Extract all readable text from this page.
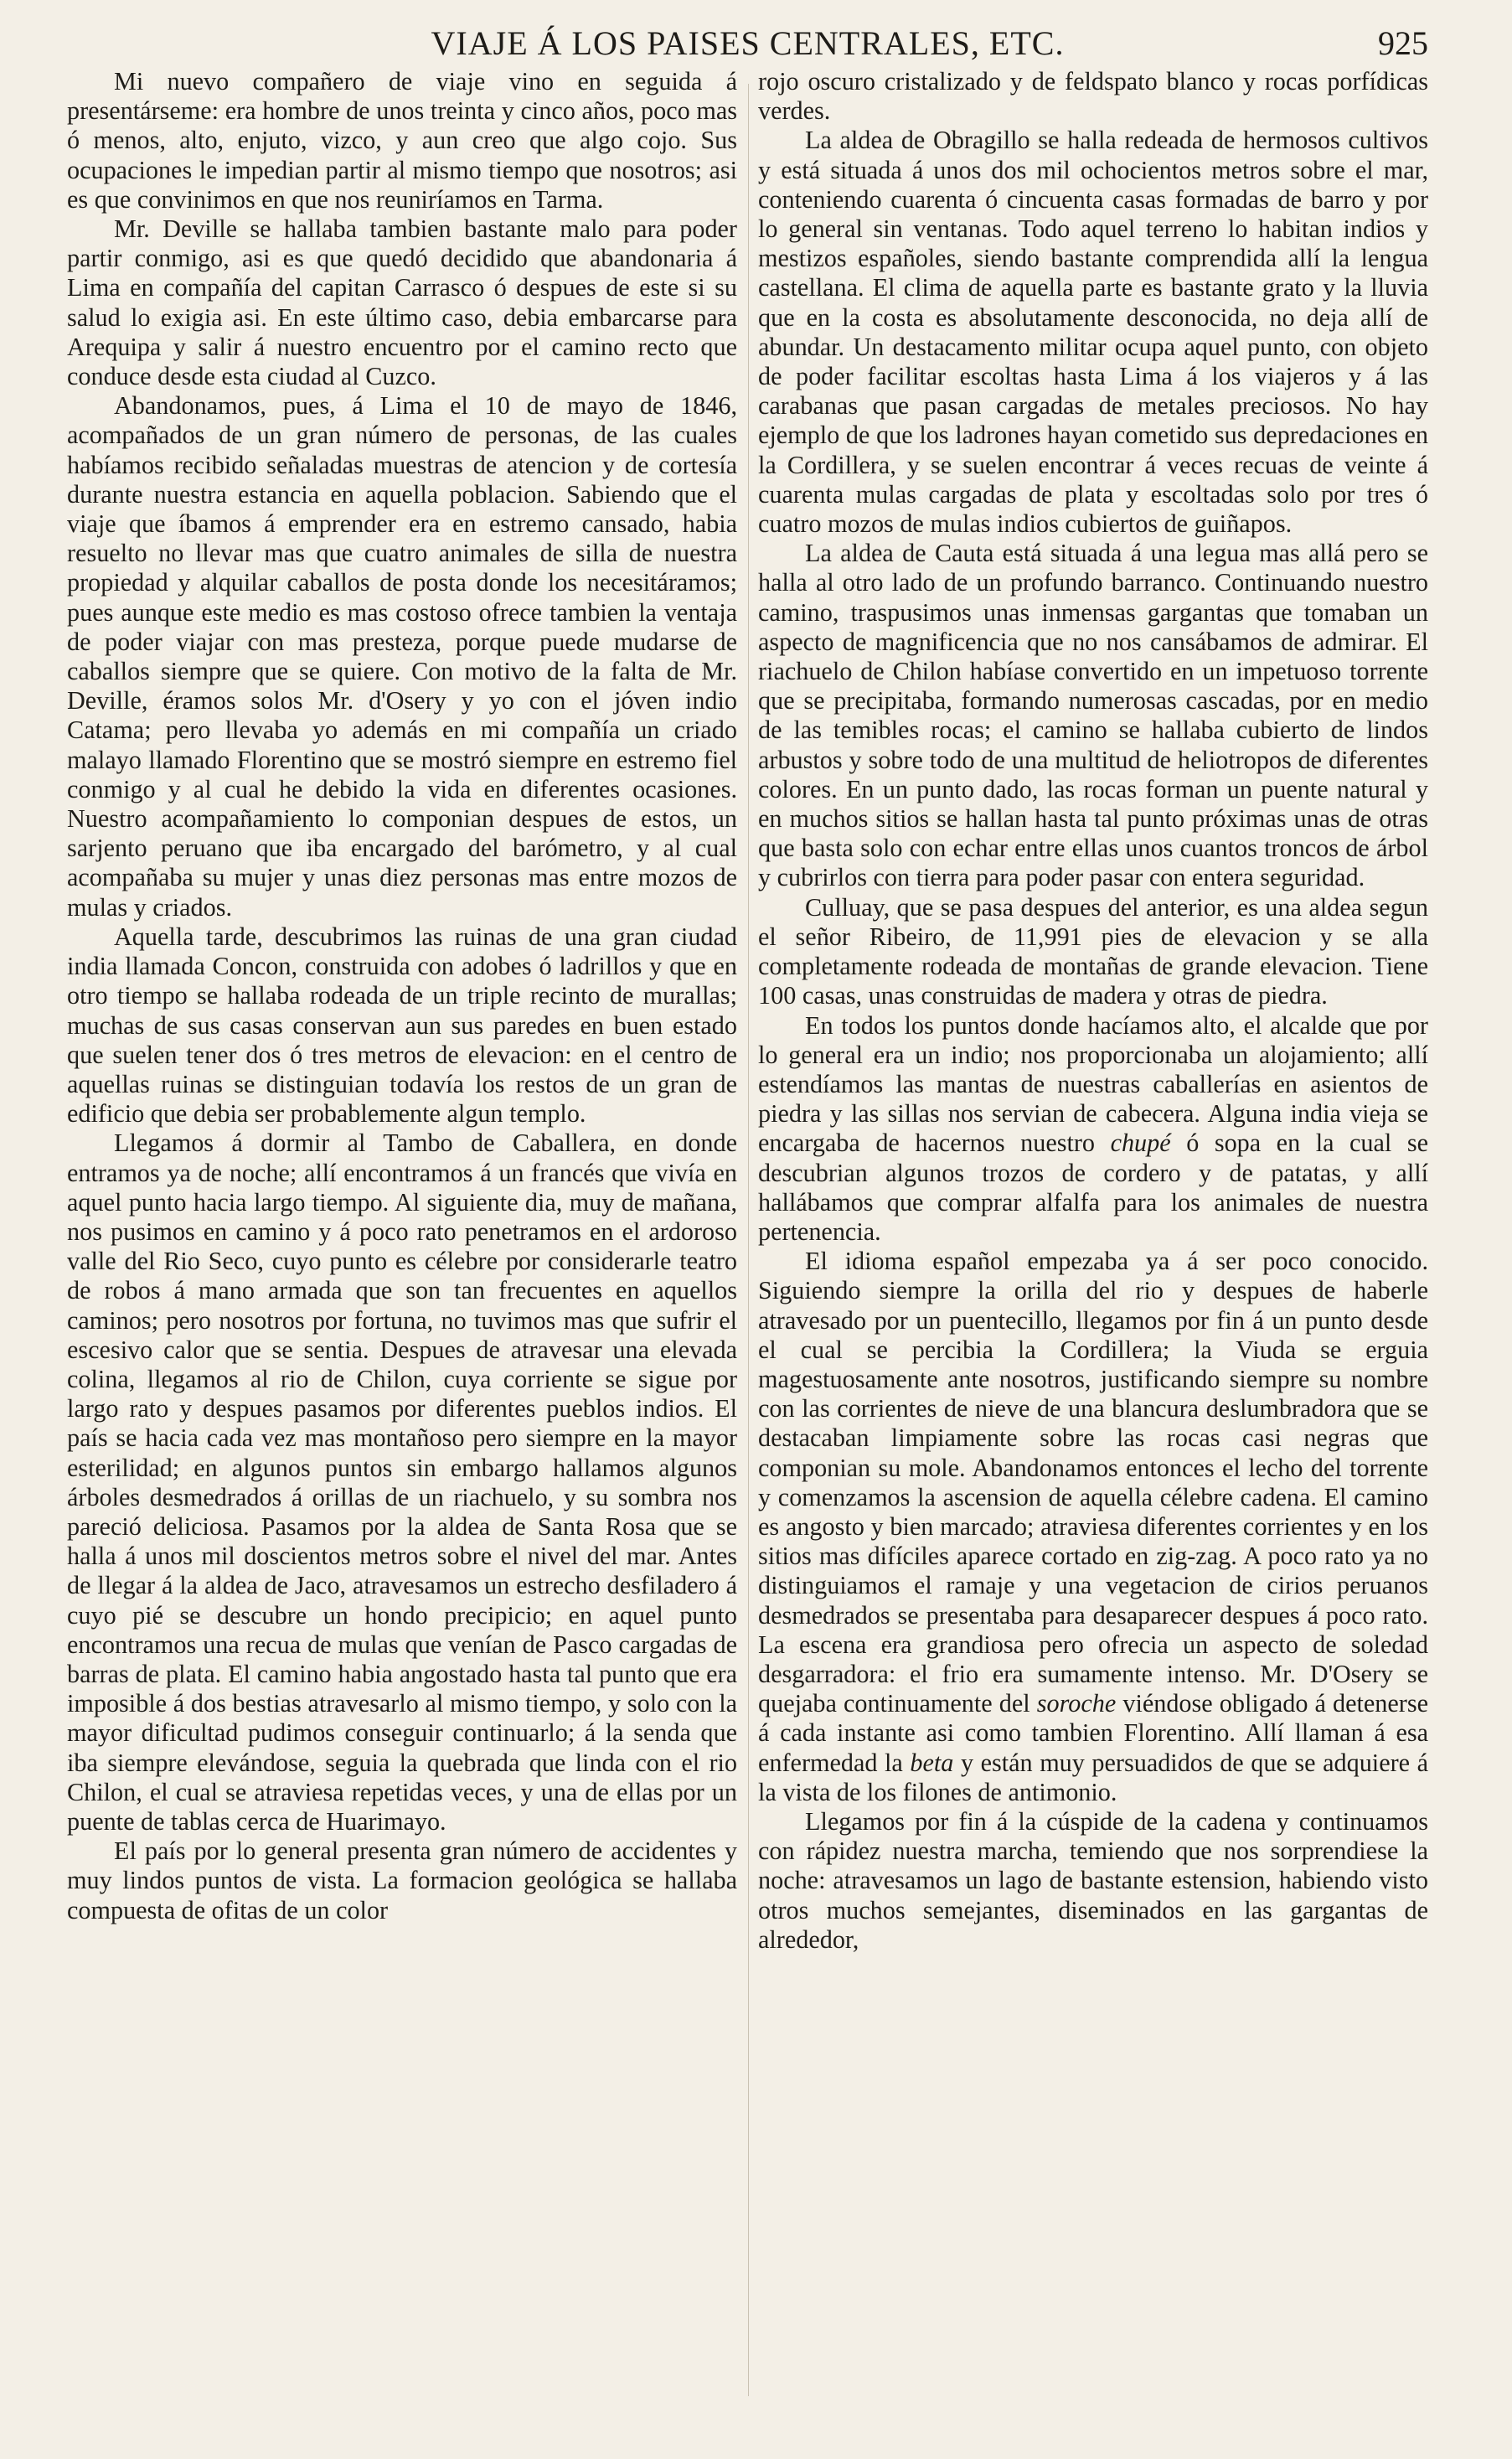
VIAJE Á LOS PAISES CENTRALES, ETC.	925

Mi nuevo compañero de viaje vino en seguida á presentárseme: era hombre de unos treinta y cinco años, poco mas ó menos, alto, enjuto, vizco, y aun creo que algo cojo. Sus ocupaciones le impedian partir al mismo tiempo que nosotros; asi es que convinimos en que nos reuniríamos en Tarma.

Mr. Deville se hallaba tambien bastante malo para poder partir conmigo, asi es que quedó decidido que abandonaria á Lima en compañía del capitan Carrasco ó despues de este si su salud lo exigia asi. En este último caso, debia embarcarse para Arequipa y salir á nuestro encuentro por el camino recto que conduce desde esta ciudad al Cuzco.

Abandonamos, pues, á Lima el 10 de mayo de 1846, acompañados de un gran número de personas, de las cuales habíamos recibido señaladas muestras de atencion y de cortesía durante nuestra estancia en aquella poblacion. Sabiendo que el viaje que íbamos á emprender era en estremo cansado, habia resuelto no llevar mas que cuatro animales de silla de nuestra propiedad y alquilar caballos de posta donde los necesitáramos; pues aunque este medio es mas costoso ofrece tambien la ventaja de poder viajar con mas presteza, porque puede mudarse de caballos siempre que se quiere. Con motivo de la falta de Mr. Deville, éramos solos Mr. d'Osery y yo con el jóven indio Catama; pero llevaba yo además en mi compañía un criado malayo llamado Florentino que se mostró siempre en estremo fiel conmigo y al cual he debido la vida en diferentes ocasiones. Nuestro acompañamiento lo componian despues de estos, un sarjento peruano que iba encargado del barómetro, y al cual acompañaba su mujer y unas diez personas mas entre mozos de mulas y criados.

Aquella tarde, descubrimos las ruinas de una gran ciudad india llamada Concon, construida con adobes ó ladrillos y que en otro tiempo se hallaba rodeada de un triple recinto de murallas; muchas de sus casas conservan aun sus paredes en buen estado que suelen tener dos ó tres metros de elevacion: en el centro de aquellas ruinas se distinguian todavía los restos de un gran de edificio que debia ser probablemente algun templo.

Llegamos á dormir al Tambo de Caballera, en donde entramos ya de noche; allí encontramos á un francés que vivía en aquel punto hacia largo tiempo. Al siguiente dia, muy de mañana, nos pusimos en camino y á poco rato penetramos en el ardoroso valle del Rio Seco, cuyo punto es célebre por considerarle teatro de robos á mano armada que son tan frecuentes en aquellos caminos; pero nosotros por fortuna, no tuvimos mas que sufrir el escesivo calor que se sentia. Despues de atravesar una elevada colina, llegamos al rio de Chilon, cuya corriente se sigue por largo rato y despues pasamos por diferentes pueblos indios. El país se hacia cada vez mas montañoso pero siempre en la mayor esterilidad; en algunos puntos sin embargo hallamos algunos árboles desmedrados á orillas de un riachuelo, y su sombra nos pareció deliciosa. Pasamos por la aldea de Santa Rosa que se halla á unos mil doscientos metros sobre el nivel del mar. Antes de llegar á la aldea de Jaco, atravesamos un estrecho desfiladero á cuyo pié se descubre un hondo precipicio; en aquel punto encontramos una recua de mulas que venían de Pasco cargadas de barras de plata. El camino habia angostado hasta tal punto que era imposible á dos bestias atravesarlo al mismo tiempo, y solo con la mayor dificultad pudimos conseguir continuarlo; á la senda que iba siempre elevándose, seguia la quebrada que linda con el rio Chilon, el cual se atraviesa repetidas veces, y una de ellas por un puente de tablas cerca de Huarimayo.

El país por lo general presenta gran número de accidentes y muy lindos puntos de vista. La formacion geológica se hallaba compuesta de ofitas de un color

rojo oscuro cristalizado y de feldspato blanco y rocas porfídicas verdes.

La aldea de Obragillo se halla redeada de hermosos cultivos y está situada á unos dos mil ochocientos metros sobre el mar, conteniendo cuarenta ó cincuenta casas formadas de barro y por lo general sin ventanas. Todo aquel terreno lo habitan indios y mestizos españoles, siendo bastante comprendida allí la lengua castellana. El clima de aquella parte es bastante grato y la lluvia que en la costa es absolutamente desconocida, no deja allí de abundar. Un destacamento militar ocupa aquel punto, con objeto de poder facilitar escoltas hasta Lima á los viajeros y á las carabanas que pasan cargadas de metales preciosos. No hay ejemplo de que los ladrones hayan cometido sus depredaciones en la Cordillera, y se suelen encontrar á veces recuas de veinte á cuarenta mulas cargadas de plata y escoltadas solo por tres ó cuatro mozos de mulas indios cubiertos de guiñapos.

La aldea de Cauta está situada á una legua mas allá pero se halla al otro lado de un profundo barranco. Continuando nuestro camino, traspusimos unas inmensas gargantas que tomaban un aspecto de magnificencia que no nos cansábamos de admirar. El riachuelo de Chilon habíase convertido en un impetuoso torrente que se precipitaba, formando numerosas cascadas, por en medio de las temibles rocas; el camino se hallaba cubierto de lindos arbustos y sobre todo de una multitud de heliotropos de diferentes colores. En un punto dado, las rocas forman un puente natural y en muchos sitios se hallan hasta tal punto próximas unas de otras que basta solo con echar entre ellas unos cuantos troncos de árbol y cubrirlos con tierra para poder pasar con entera seguridad.

Culluay, que se pasa despues del anterior, es una aldea segun el señor Ribeiro, de 11,991 pies de elevacion y se alla completamente rodeada de montañas de grande elevacion. Tiene 100 casas, unas construidas de madera y otras de piedra.

En todos los puntos donde hacíamos alto, el alcalde que por lo general era un indio; nos proporcionaba un alojamiento; allí estendíamos las mantas de nuestras caballerías en asientos de piedra y las sillas nos servian de cabecera. Alguna india vieja se encargaba de hacernos nuestro chupé ó sopa en la cual se descubrian algunos trozos de cordero y de patatas, y allí hallábamos que comprar alfalfa para los animales de nuestra pertenencia.

El idioma español empezaba ya á ser poco conocido. Siguiendo siempre la orilla del rio y despues de haberle atravesado por un puentecillo, llegamos por fin á un punto desde el cual se percibia la Cordillera; la Viuda se erguia magestuosamente ante nosotros, justificando siempre su nombre con las corrientes de nieve de una blancura deslumbradora que se destacaban limpiamente sobre las rocas casi negras que componian su mole. Abandonamos entonces el lecho del torrente y comenzamos la ascension de aquella célebre cadena. El camino es angosto y bien marcado; atraviesa diferentes corrientes y en los sitios mas difíciles aparece cortado en zig-zag. A poco rato ya no distinguiamos el ramaje y una vegetacion de cirios peruanos desmedrados se presentaba para desaparecer despues á poco rato. La escena era grandiosa pero ofrecia un aspecto de soledad desgarradora: el frio era sumamente intenso. Mr. D'Osery se quejaba continuamente del soroche viéndose obligado á detenerse á cada instante asi como tambien Florentino. Allí llaman á esa enfermedad la beta y están muy persuadidos de que se adquiere á la vista de los filones de antimonio.

Llegamos por fin á la cúspide de la cadena y continuamos con rápidez nuestra marcha, temiendo que nos sorprendiese la noche: atravesamos un lago de bastante estension, habiendo visto otros muchos semejantes, diseminados en las gargantas de alrededor,
